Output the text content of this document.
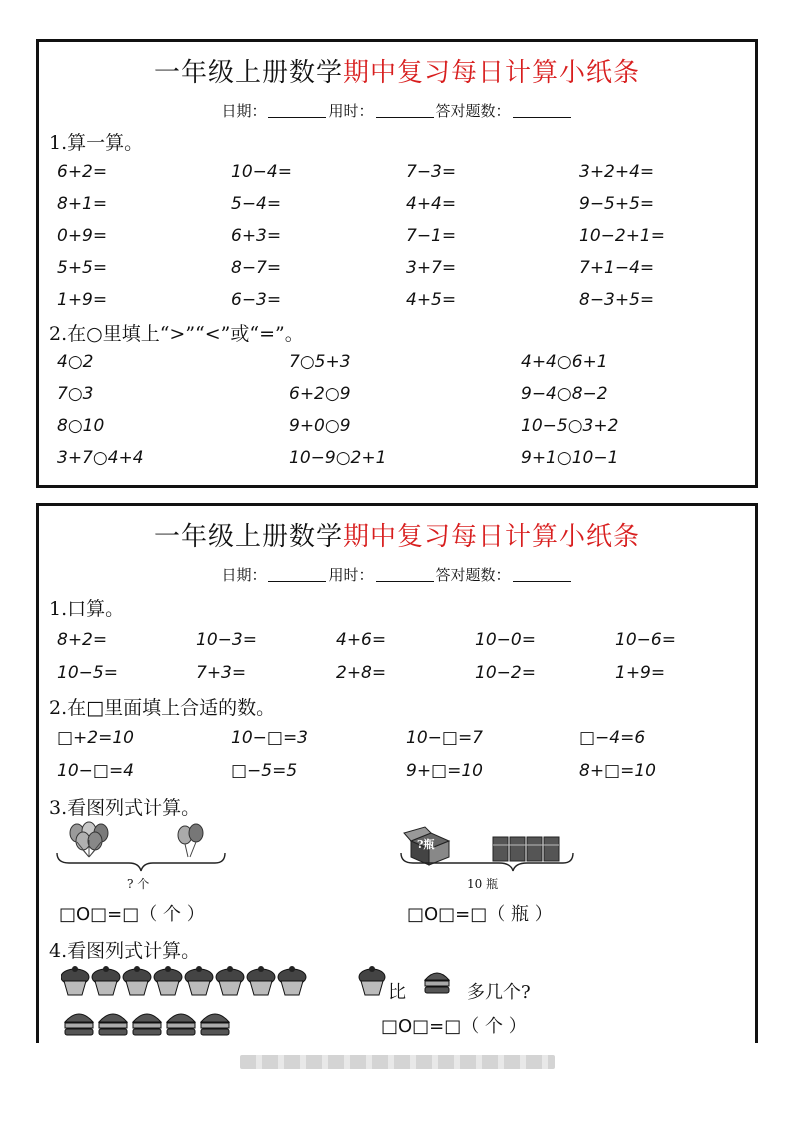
一年级上册数学期中复习每日计算小纸条
日期：	用时：	答对题数：
1.算一算。
6+2=	10−4=	7−3=	3+2+4=
8+1=	5−4=	4+4=	9−5+5=
0+9=	6+3=	7−1=	10−2+1=
5+5=	8−7=	3+7=	7+1−4=
1+9=	6−3=	4+5=	8−3+5=
2.在○里填上“>”“<”或“=”。
4○2	7○5+3	4+4○6+1
7○3	6+2○9	9−4○8−2
8○10	9+0○9	10−5○3+2
3+7○4+4	10−9○2+1	9+1○10−1
一年级上册数学期中复习每日计算小纸条
日期：	用时：	答对题数：
1.口算。
8+2=	10−3=	4+6=	10−0=	10−6=
10−5=	7+3=	2+8=	10−2=	1+9=
2.在□里面填上合适的数。
□+2=10	10−□=3	10−□=7	□−4=6
10−□=4	□−5=5	9+□=10	8+□=10
3.看图列式计算。
?瓶
? 个	10 瓶
□O□=□（ 个 ）	□O□=□（ 瓶 ）
4.看图列式计算。
比	多几个?
□O□=□（ 个 ）
